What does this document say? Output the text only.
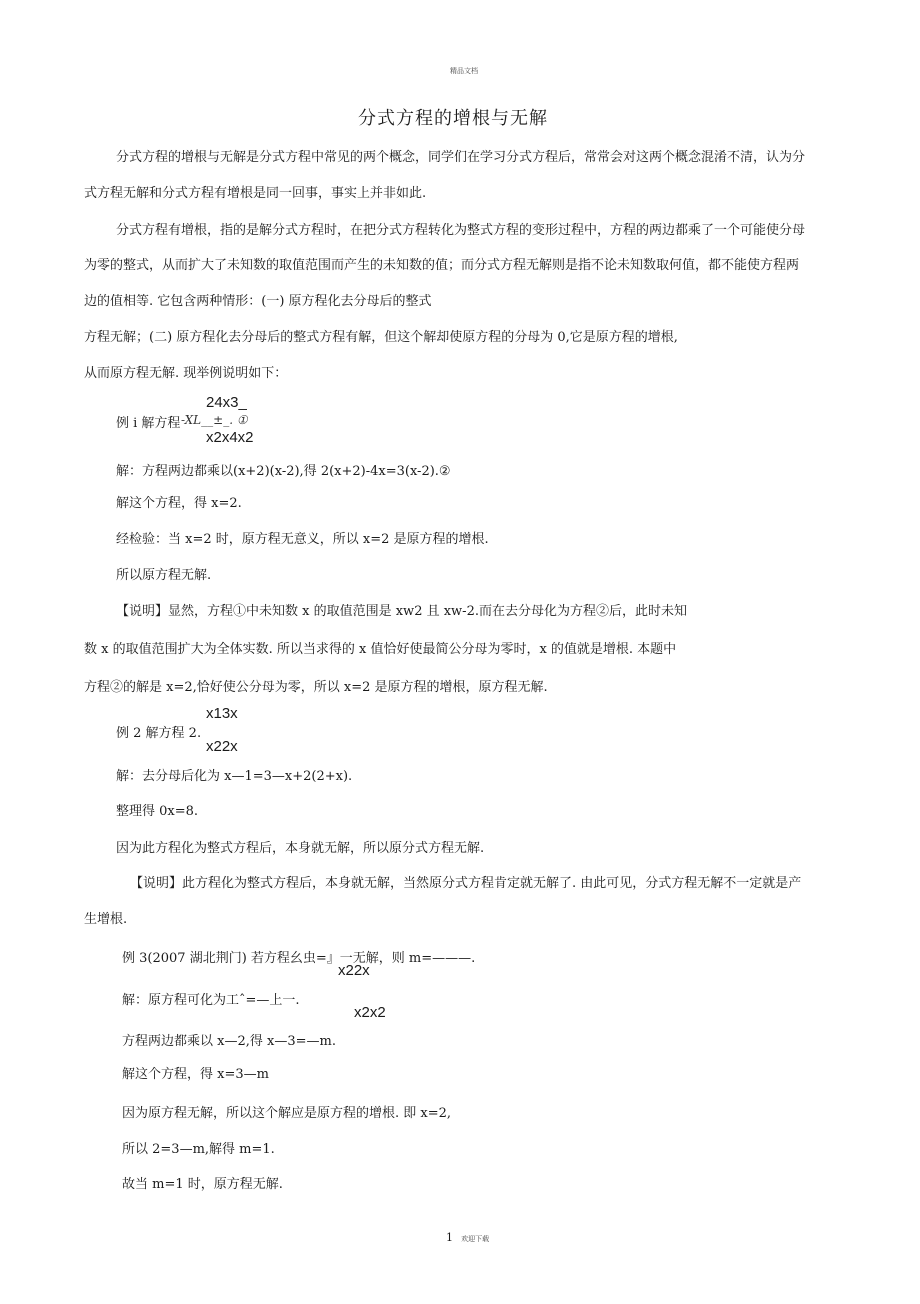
精品文档
分式方程的增根与无解
分式方程的增根与无解是分式方程中常见的两个概念，同学们在学习分式方程后，常常会对这两个概念混淆不清，认为分
式方程无解和分式方程有增根是同一回事，事实上并非如此.
分式方程有增根，指的是解分式方程时，在把分式方程转化为整式方程的变形过程中，方程的两边都乘了一个可能使分母
为零的整式，从而扩大了未知数的取值范围而产生的未知数的值；而分式方程无解则是指不论未知数取何值，都不能使方程两
边的值相等. 它包含两种情形：(一) 原方程化去分母后的整式
方程无解；(二) 原方程化去分母后的整式方程有解，但这个解却使原方程的分母为 0,它是原方程的增根,
从而原方程无解. 现举例说明如下：
24x3_
例 i 解方程 -XL__±_. ①
x2x4x2
解：方程两边都乘以(x+2)(x-2),得 2(x+2)-4x=3(x-2).②
解这个方程，得 x=2.
经检验：当 x=2 时，原方程无意义，所以 x=2 是原方程的增根.
所以原方程无解.
【说明】显然，方程①中未知数 x 的取值范围是 xw2 且 xw-2.而在去分母化为方程②后，此时未知
数 x 的取值范围扩大为全体实数. 所以当求得的 x 值恰好使最简公分母为零时，x 的值就是增根. 本题中
方程②的解是 x=2,恰好使公分母为零，所以 x=2 是原方程的增根，原方程无解.
x13x
例 2 解方程 2.
x22x
解：去分母后化为 x—1=3—x+2(2+x).
整理得 0x=8.
因为此方程化为整式方程后，本身就无解，所以原分式方程无解.
【说明】此方程化为整式方程后，本身就无解，当然原分式方程肯定就无解了. 由此可见，分式方程无解不一定就是产
生增根.
例 3(2007 湖北荆门) 若方程幺虫=』一无解，则 m=———.
x22x
解：原方程可化为工ˆ=—上一.
x2x2
方程两边都乘以 x—2,得 x—3=—m.
解这个方程，得 x=3—m
因为原方程无解，所以这个解应是原方程的增根. 即 x=2,
所以 2=3—m,解得 m=1.
故当 m=1 时，原方程无解.
1 欢迎下载
